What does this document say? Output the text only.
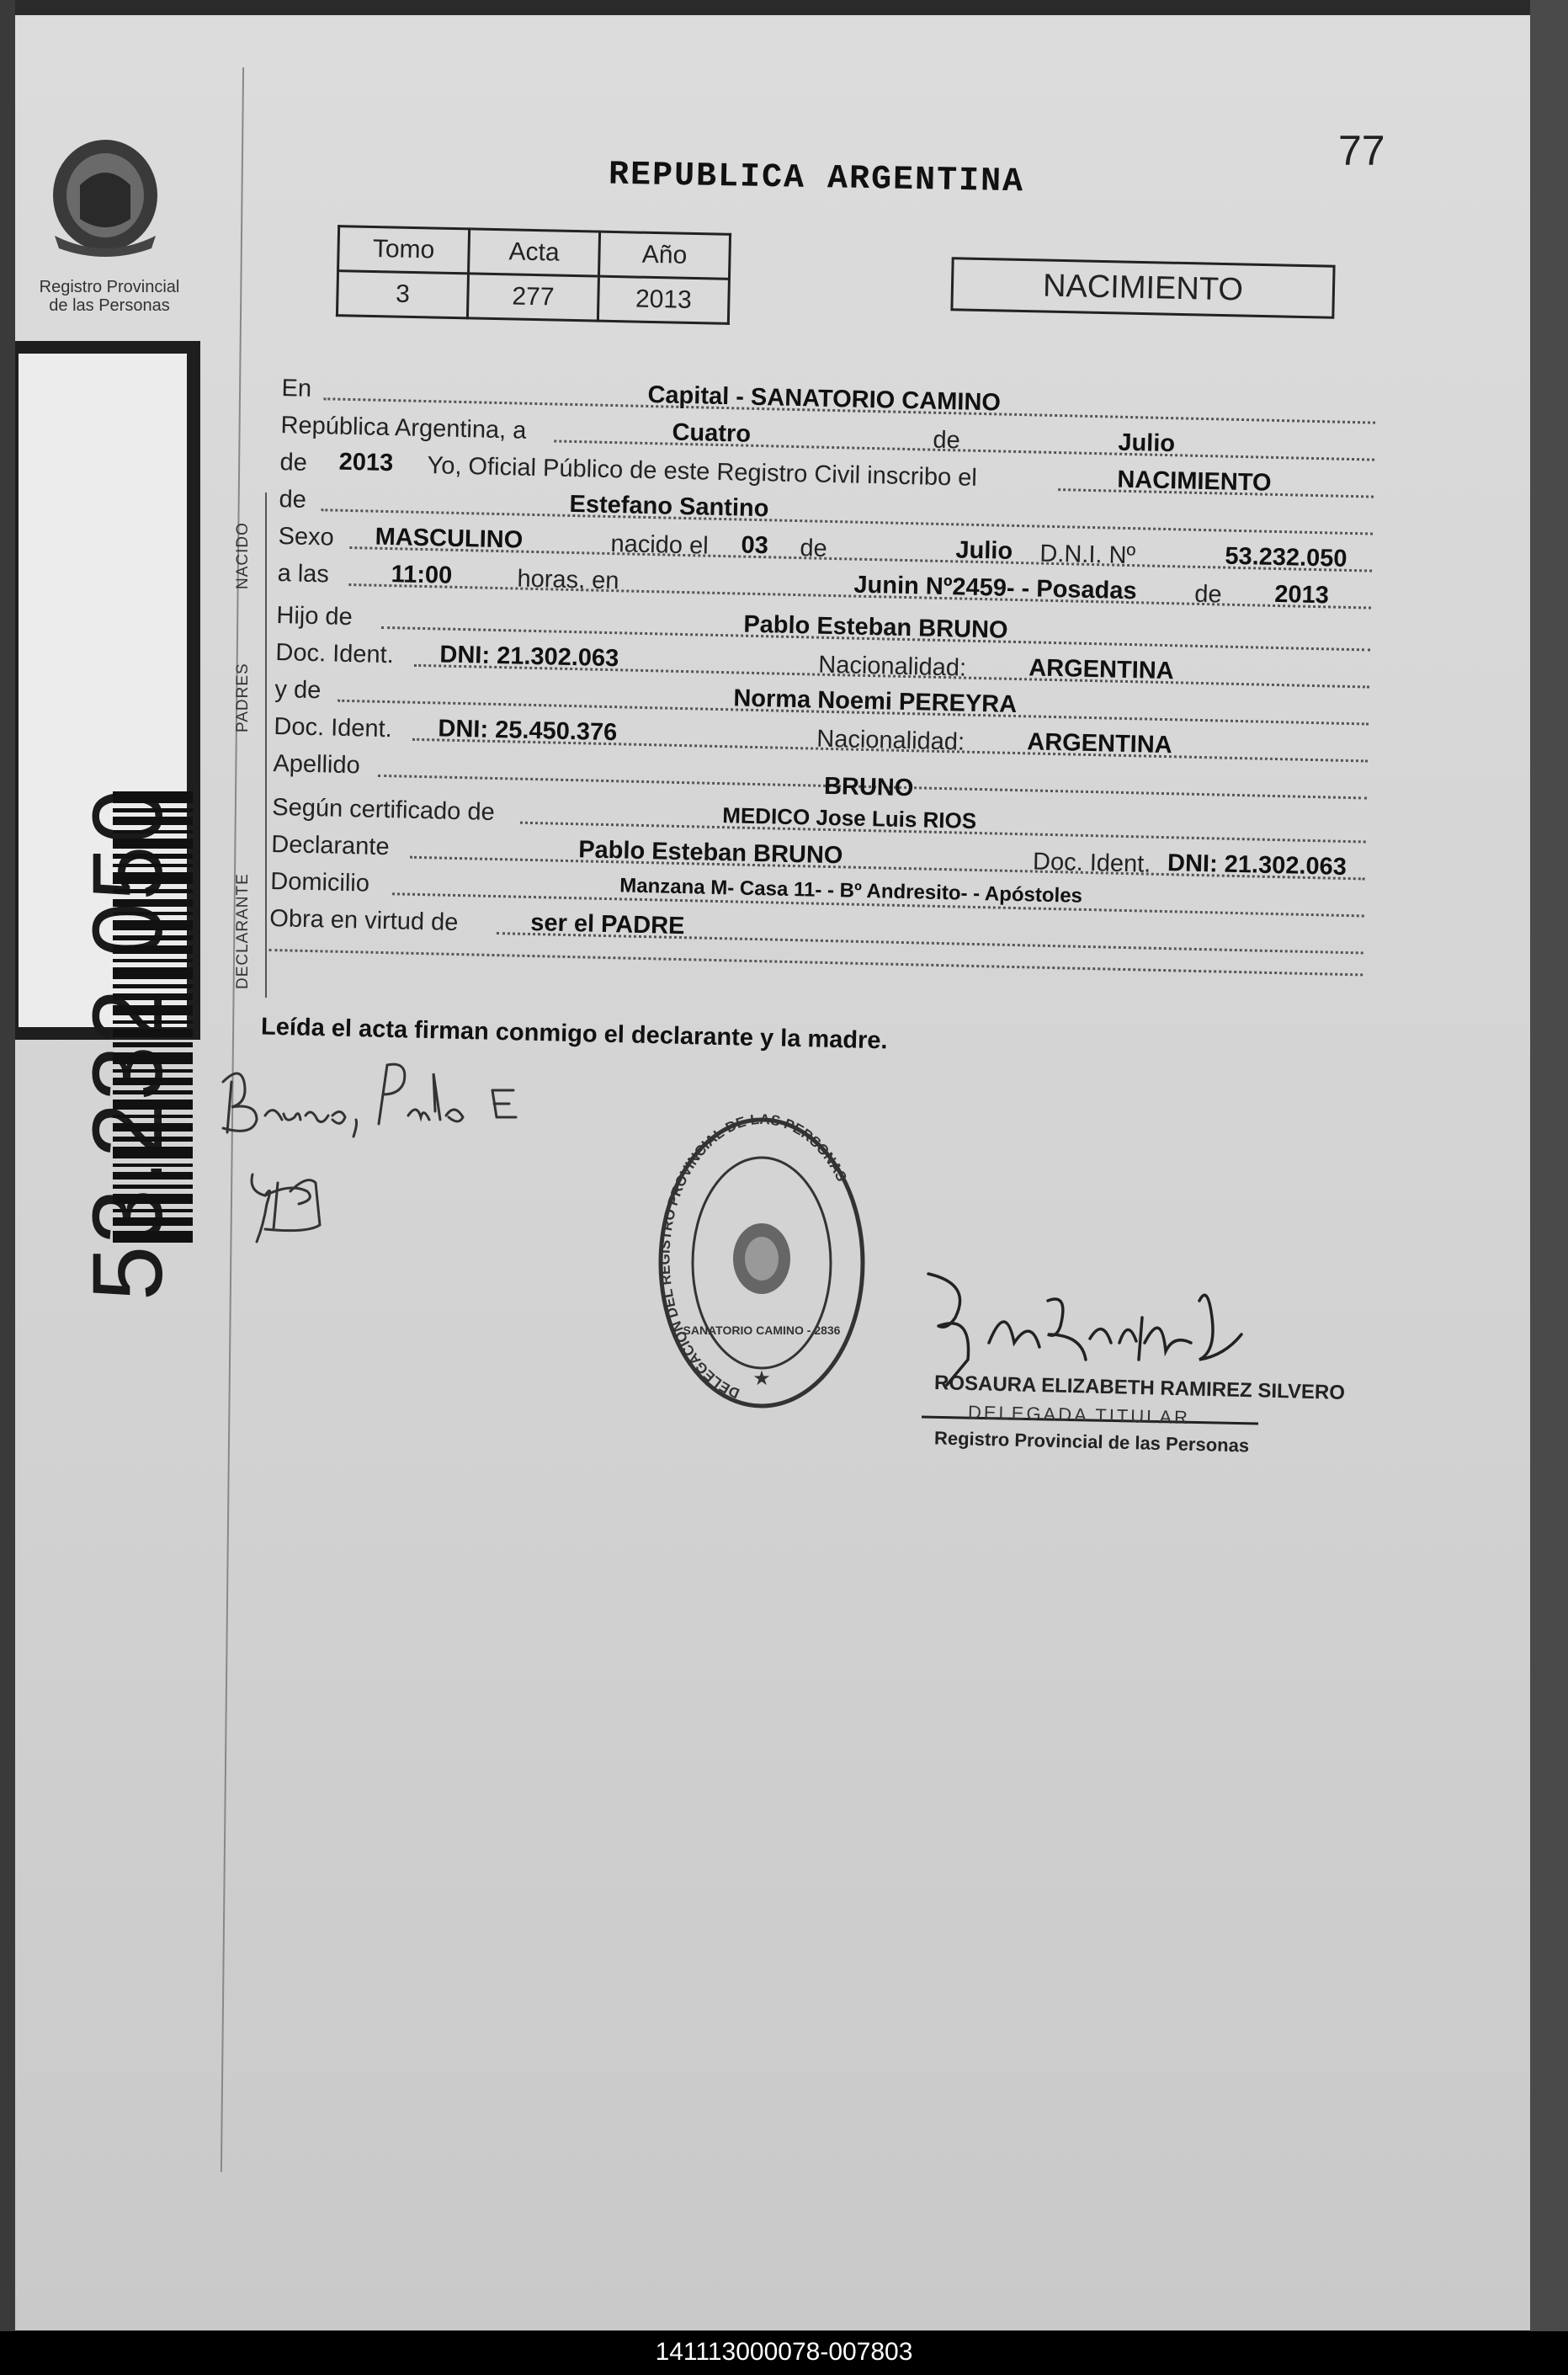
77
REPUBLICA ARGENTINA
Registro Provincial
de las Personas
Tomo	Acta	Año
3	277	2013	NACIMIENTO
NACIDO
PADRES
DECLARANTE
En	Capital - SANATORIO CAMINO
República Argentina, a	Cuatro	de	Julio
de 2013 Yo, Oficial Público de este Registro Civil inscribo el	NACIMIENTO
de	Estefano Santino
Sexo MASCULINO	nacido el 03 de	Julio D.N.I. Nº	53.232.050
a las	11:00	horas, en	Junin Nº2459- - Posadas de 2013
Hijo de	Pablo Esteban BRUNO
Doc. Ident. DNI: 21.302.063	Nacionalidad:	ARGENTINA
y de	Norma Noemi PEREYRA
Doc. Ident. DNI: 25.450.376	Nacionalidad:	ARGENTINA
Apellido
BRUNO
Según certificado de	MEDICO Jose Luis RIOS
Declarante	Pablo Esteban BRUNO	Doc. Ident. DNI: 21.302.063
Domicilio	Manzana M- Casa 11- - Bº Andresito- - Apóstoles
Obra en virtud de	ser el PADRE
Leída el acta firman conmigo el declarante y la madre.
DELEGACION DEL REGISTRO PROVINCIAL DE LAS PERSONAS
SANATORIO CAMINO - 2836
★	ROSAURA ELIZABETH RAMIREZ SILVERO
DELEGADA TITULAR
Registro Provincial de las Personas
141113000078-007803
